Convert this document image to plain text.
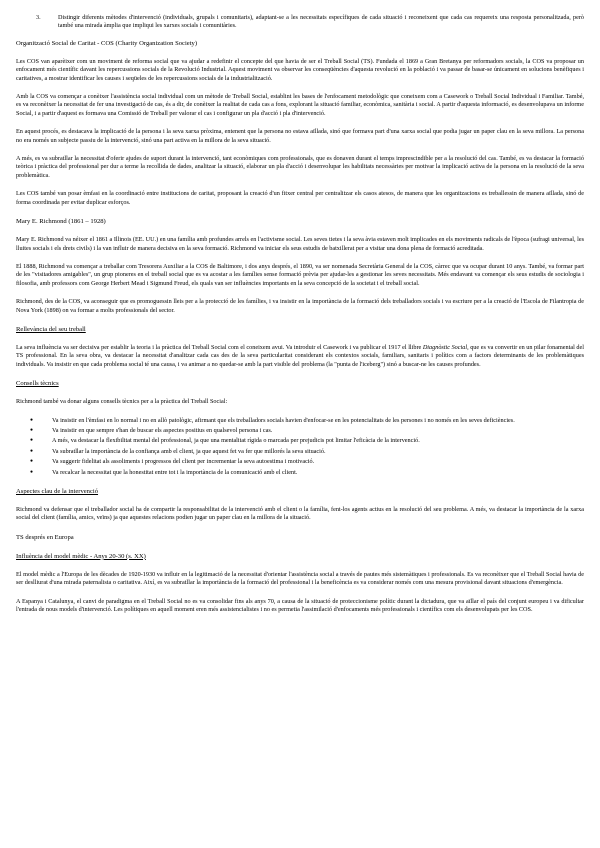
3.	Distingir diferents mètodes d'intervenció (individuals, grupals i comunitaris), adaptant-se a les necessitats específiques de cada situació i reconeixent que cada cas requereix una resposta personalitzada, però també una mirada àmplia que impliqui les xarxes socials i comunitàries.

Organització Social de Caritat - COS (Charity Organization Society)

Les COS van aparèixer com un moviment de reforma social que va ajudar a redefinir el concepte del que havia de ser el Treball Social (TS). Fundada el 1869 a Gran Bretanya per reformadors socials, la COS va proposar un enfocament més científic davant les repercussions socials de la Revolució Industrial. Aquest moviment va observar les conseqüències d'aquesta revolució en la població i va passar de basar-se únicament en solucions benèfiques i caritatives, a mostrar identificar les causes i seqüeles de les repercussions socials de la industrialització.

Amb la COS va començar a conèixer l'assistència social individual com un mètode de Treball Social, establint les bases de l'enfocament metodològic que coneixem com a Casework o Treball Social Individual i Familiar. També, es va reconèixer la necessitat de fer una investigació de cas, és a dir, de conèixer la realitat de cada cas a fons, explorant la situació familiar, econòmica, sanitària i social. A partir d'aquesta informació, es desenvolupava un informe Social, i a partir d'aquest es formava una Comissió de Treball per valorar el cas i configurar un pla d'acció i pla d'intervenció.

En aquest procés, es destacava la implicació de la persona i la seva xarxa pròxima, entenent que la persona no estava aïllada, sinó que formava part d'una xarxa social que podia jugar un paper clau en la seva millora. La persona no era només un subjecte passiu de la intervenció, sinó una part activa en la millora de la seva situació.

A més, es va subratllar la necessitat d'oferir ajudes de suport durant la intervenció, tant econòmiques com professionals, que es donaven durant el temps imprescindible per a la resolució del cas. També, es va destacar la formació teòrica i pràctica del professional per dur a terme la recollida de dades, analitzar la situació, elaborar un pla d'acció i desenvolupar les habilitats necessàries per motivar la implicació activa de la persona en la resolució de la seva problemàtica.

Les COS també van posar èmfasi en la coordinació entre institucions de caritat, proposant la creació d'un fitxer central per centralitzar els casos atesos, de manera que les organitzacions es treballessin de manera aïllada, sinó de forma coordinada per evitar duplicar esforços.

Mary E. Richmond (1861 – 1928)

Mary E. Richmond va néixer el 1861 a Illinois (EE. UU.) en una família amb profundes arrels en l'activisme social. Les seves tietes i la seva àvia estaven molt implicades en els moviments radicals de l'època (sufragi universal, les lluites socials i els drets civils) i la van influir de manera decisiva en la seva formació. Richmond va iniciar els seus estudis de batxillerat per a visitar una dona plena de formació acreditada.

El 1888, Richmond va començar a treballar com Tresorera Auxiliar a la COS de Baltimore, i dos anys després, el 1890, va ser nomenada Secretària General de la COS, càrrec que va ocupar durant 10 anys. També, va formar part de les "visitadores amigables", un grup pioneres en el treball social que es va acostar a les famílies sense formació prèvia per ajudar-les a gestionar les seves necessitats. Més endavant va començar els seus estudis de sociologia i filosofia, amb professors com George Herbert Mead i Sigmund Freud, els quals van ser influències importants en la seva concepció de la societat i el treball social.

Richmond, des de la COS, va aconseguir que es promoguessin lleis per a la protecció de les famílies, i va insistir en la importància de la formació dels treballadors socials i va escriure per a la creació de l'Escola de Filantropia de Nova York (1898) on va formar a molts professionals del sector.

Rellevància del seu treball

La seva influència va ser decisiva per establir la teoria i la pràctica del Treball Social com el coneixem avui. Va introduir el Casework i va publicar el 1917 el llibre Diagnòstic Social, que es va convertir en un pilar fonamental del TS professional. En la seva obra, va destacar la necessitat d'analitzar cada cas des de la seva particularitat considerant els contextos socials, familiars, sanitaris i polítics com a factors determinants de les problemàtiques individuals. Va insistir en que cada problema social té una causa, i va animar a no quedar-se amb la part visible del problema (la "punta de l'iceberg") sinó a buscar-ne les causes profundes.

Consells tècnics

Richmond també va donar alguns consells tècnics per a la pràctica del Treball Social:

● Va insistir en l'èmfasi en lo normal i no en allò patològic, afirmant que els treballadors socials havien d'enfocar-se en les potencialitats de les persones i no només en les seves deficiències.
● Va insistir en que sempre s'han de buscar els aspectes positius en qualsevol persona i cas.
● A més, va destacar la flexibilitat mental del professional, ja que una mentalitat rígida o marcada per prejudicis pot limitar l'eficàcia de la intervenció.
● Va subratllar la importància de la confiança amb el client, ja que aquest fet va fer que millorés la seva situació.
● Va suggerir fidelitat als assoliments i progressos del client per incrementar la seva autoestima i motivació.
● Va recalcar la necessitat que la honestitat entre tot i la importància de la comunicació amb el client.

Aspectes clau de la intervenció

Richmond va defensar que el treballador social ha de compartir la responsabilitat de la intervenció amb el client o la família, fent-los agents actius en la resolució del seu problema. A més, va destacar la importància de la xarxa social del client (família, amics, veïns) ja que aquestes relacions podien jugar un paper clau en la millora de la situació.

TS després en Europa

Influència del model mèdic - Anys 20-30 (s. XX)

El model mèdic a l'Europa de les dècades de 1920-1930 va influir en la legitimació de la necessitat d'orientar l'assistència social a través de pautes més sistemàtiques i professionals. Es va reconèixer que el Treball Social havia de ser deslliurat d'una mirada paternalista o caritativa. Així, es va subratllar la importància de la formació del professional i la beneficència es va considerar només com una mesura provisional davant situacions d'emergència.

A Espanya i Catalunya, el canvi de paradigma en el Treball Social no es va consolidar fins als anys 70, a causa de la situació de proteccionisme polític durant la dictadura, que va aïllar el país del conjunt europeu i va dificultar l'entrada de nous models d'intervenció. Les polítiques en aquell moment eren més assistencialistes i no es permetia l'assimilació d'enfocaments més professionals i científics com els desenvolupats per les COS.
